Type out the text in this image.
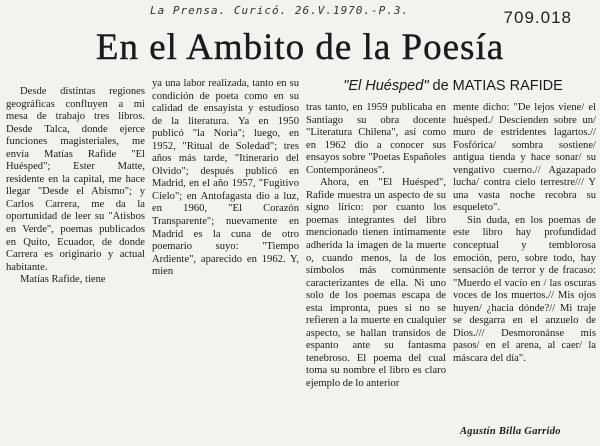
La Prensa. Curicó. 26.V.1970.-P.3.	709.018
En el Ambito de la Poesía
"El Huésped" de MATIAS RAFIDE

Desde distintas regiones geográficas confluyen a mi mesa de trabajo tres libros. Desde Talca, donde ejerce funciones magisteriales, me envía Matías Rafide "El Huésped"; Ester Matte, residente en la capital, me hace llegar "Desde el Abismo"; y Carlos Carrera, me da la oportunidad de leer su "Atisbos en Verde", poemas publicados en Quito, Ecuador, de donde Carrera es originario y actual habitante.

Matías Rafide, tiene

ya una labor realizada, tanto en su condición de poeta como en su calidad de ensayista y estudioso de la literatura. Ya en 1950 publicó "la Noria"; luego, en 1952, "Ritual de Soledad"; tres años más tarde, "Itinerario del Olvido"; después publicó en Madrid, en el año 1957, "Fugitivo Cielo"; en Antofagasta dio a luz, en 1960, "El Corazón Transparente"; nuevamente en Madrid es la cuna de otro poemario suyo: "Tiempo Ardiente", aparecido en 1962. Y, mien

tras tanto, en 1959 publicaba en Santiago su obra docente "Literatura Chilena", así como en 1962 dio a conocer sus ensayos sobre "Poetas Españoles Contemporáneos".

Ahora, en "El Huésped", Rafide muestra un aspecto de su signo lírico: por cuanto los poemas integrantes del libro mencionado tienen íntimamente adherida la imagen de la muerte o, cuando menos, la de los símbolos más comúnmente caracterizantes de ella. Ni uno solo de los poemas escapa de esta impronta, pues si no se refieren a la muerte en cualquier aspecto, se hallan transidos de espanto ante su fantasma tenebroso. El poema del cual toma su nombre el libro es claro ejemplo de lo anterior

mente dicho: "De lejos viene/ el huésped./ Descienden sobre un/ muro de estridentes lagartos.// Fosfórica/ sombra sostiene/ antigua tienda y hace sonar/ su vengativo cuerno.// Agazapado lucha/ contra cielo terrestre/// Y una vasta noche recobra su esqueleto".

Sin duda, en los poemas de este libro hay profundidad conceptual y temblorosa emoción, pero, sobre todo, hay sensación de terror y de fracaso: "Muerdo el vacío en / las oscuras voces de los muertos.// Mis ojos huyen/ ¿hacia dónde?// Mi traje se desgarra en el anzuelo de Dios./// Desmoronánse mis pasos/ en el arena, al caer/ la máscara del día".

Agustín Billa Garrido
